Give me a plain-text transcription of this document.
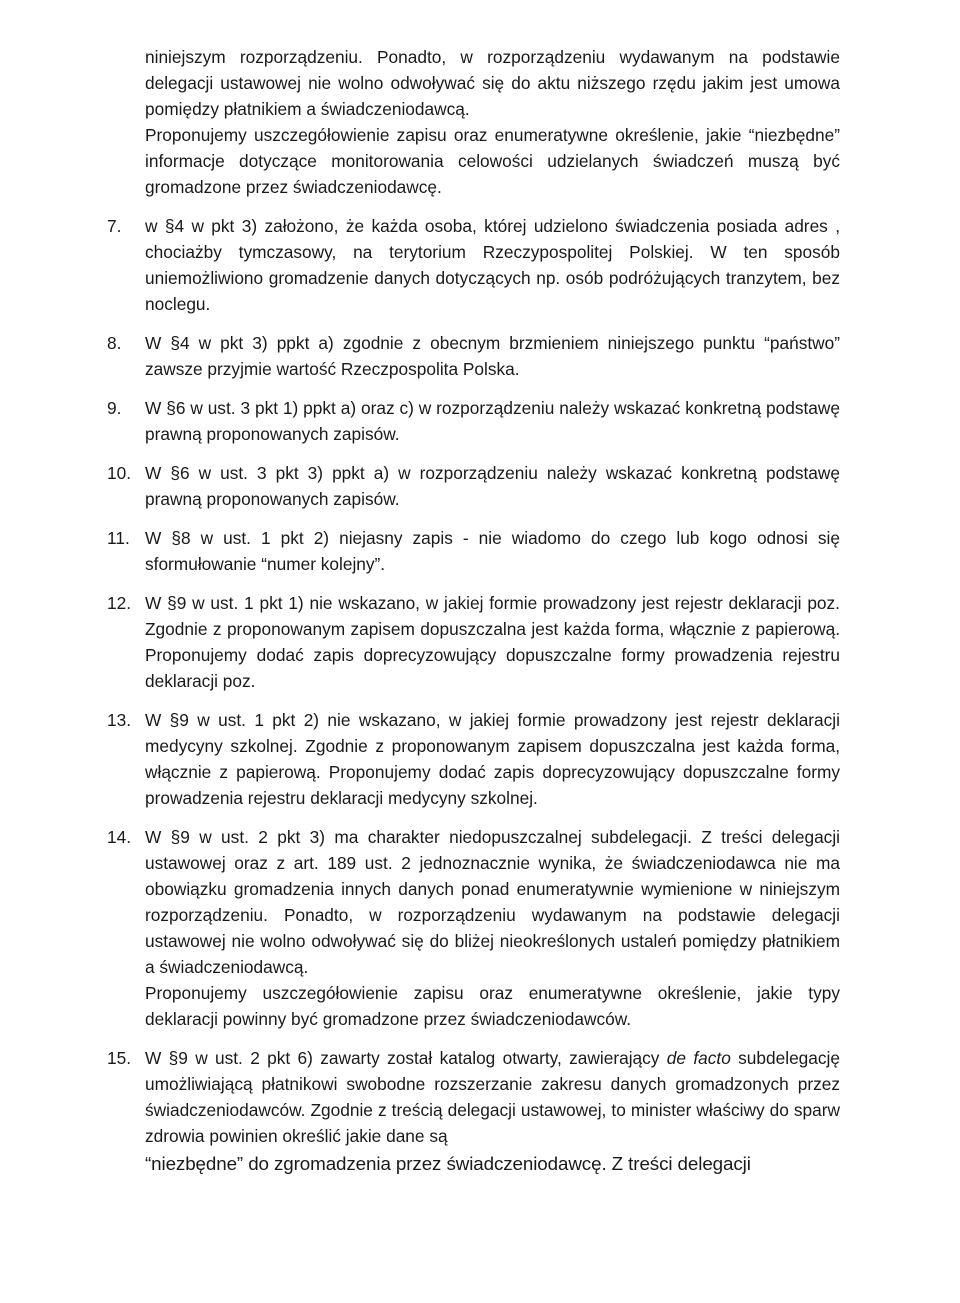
niniejszym rozporządzeniu. Ponadto, w rozporządzeniu wydawanym na podstawie delegacji ustawowej nie wolno odwoływać się do aktu niższego rzędu jakim jest umowa pomiędzy płatnikiem a świadczeniodawcą.

Proponujemy uszczegółowienie zapisu oraz enumeratywne określenie, jakie “niezbędne” informacje dotyczące monitorowania celowości udzielanych świadczeń muszą być gromadzone przez świadczeniodawcę.

7.	w §4 w pkt 3) założono, że każda osoba, której udzielono świadczenia posiada adres , chociażby tymczasowy, na terytorium Rzeczypospolitej Polskiej. W ten sposób uniemożliwiono gromadzenie danych dotyczących np. osób podróżujących tranzytem, bez noclegu.

8.	W §4 w pkt 3) ppkt a) zgodnie z obecnym brzmieniem niniejszego punktu “państwo” zawsze przyjmie wartość Rzeczpospolita Polska.

9.	W §6 w ust. 3 pkt 1) ppkt a) oraz c) w rozporządzeniu należy wskazać konkretną podstawę prawną proponowanych zapisów.

10. W §6 w ust. 3 pkt 3) ppkt a) w rozporządzeniu należy wskazać konkretną podstawę prawną proponowanych zapisów.

11. W §8 w ust. 1 pkt 2) niejasny zapis - nie wiadomo do czego lub kogo odnosi się sformułowanie “numer kolejny”.

12. W §9 w ust. 1 pkt 1) nie wskazano, w jakiej formie prowadzony jest rejestr deklaracji poz. Zgodnie z proponowanym zapisem dopuszczalna jest każda forma, włącznie z papierową. Proponujemy dodać zapis doprecyzowujący dopuszczalne formy prowadzenia rejestru deklaracji poz.

13. W §9 w ust. 1 pkt 2) nie wskazano, w jakiej formie prowadzony jest rejestr deklaracji medycyny szkolnej. Zgodnie z proponowanym zapisem dopuszczalna jest każda forma, włącznie z papierową. Proponujemy dodać zapis doprecyzowujący dopuszczalne formy prowadzenia rejestru deklaracji medycyny szkolnej.

14. W §9 w ust. 2 pkt 3) ma charakter niedopuszczalnej subdelegacji. Z treści delegacji ustawowej oraz z art. 189 ust. 2 jednoznacznie wynika, że świadczeniodawca nie ma obowiązku gromadzenia innych danych ponad enumeratywnie wymienione w niniejszym rozporządzeniu. Ponadto, w rozporządzeniu wydawanym na podstawie delegacji ustawowej nie wolno odwoływać się do bliżej nieokreślonych ustaleń pomiędzy płatnikiem a świadczeniodawcą.

Proponujemy uszczegółowienie zapisu oraz enumeratywne określenie, jakie typy deklaracji powinny być gromadzone przez świadczeniodawców.

15. W §9 w ust. 2 pkt 6) zawarty został katalog otwarty, zawierający de facto subdelegację umożliwiającą płatnikowi swobodne rozszerzanie zakresu danych gromadzonych przez świadczeniodawców. Zgodnie z treścią delegacji ustawowej, to minister właściwy do sparw zdrowia powinien określić jakie dane są

“niezbędne” do zgromadzenia przez świadczeniodawcę. Z treści delegacji
